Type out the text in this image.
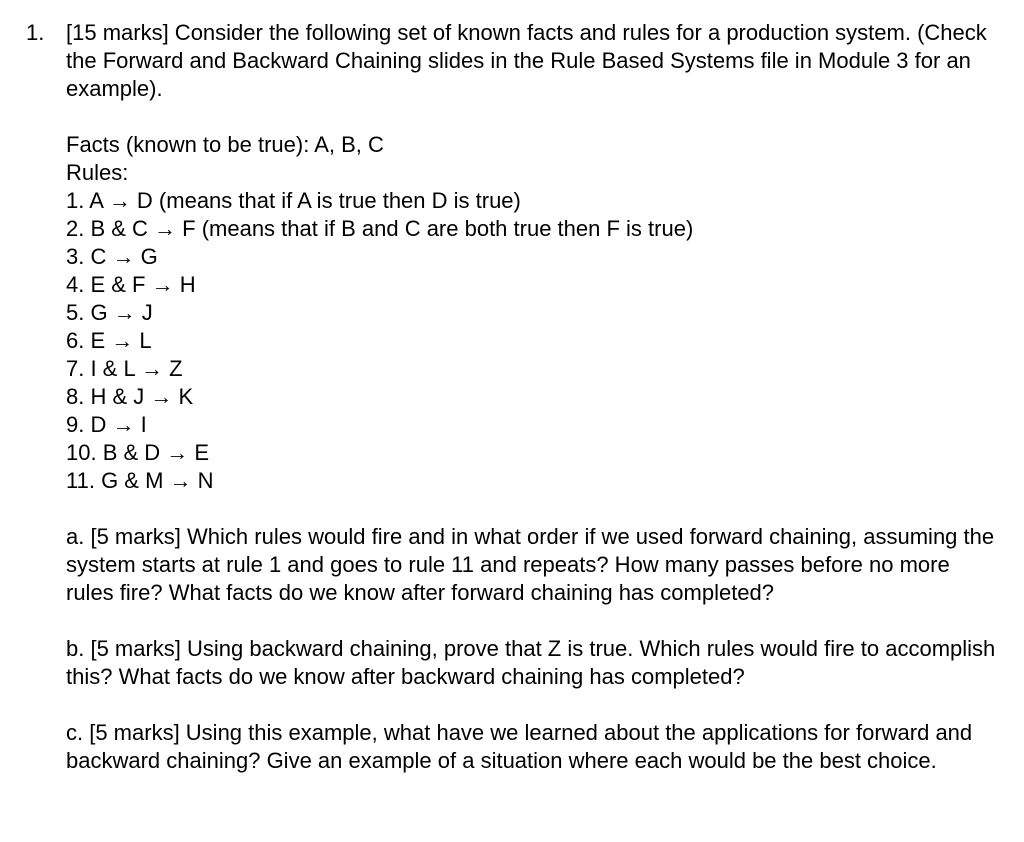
1. [15 marks] Consider the following set of known facts and rules for a production system. (Check the Forward and Backward Chaining slides in the Rule Based Systems file in Module 3 for an example).

Facts (known to be true): A, B, C

Rules:

1. A → D (means that if A is true then D is true)

2. B & C → F (means that if B and C are both true then F is true)

3. C → G

4. E & F → H

5. G → J

6. E → L

7. I & L → Z

8. H & J → K

9. D → I

10. B & D → E

11. G & M → N

a. [5 marks] Which rules would fire and in what order if we used forward chaining, assuming the system starts at rule 1 and goes to rule 11 and repeats? How many passes before no more rules fire? What facts do we know after forward chaining has completed?

b. [5 marks] Using backward chaining, prove that Z is true. Which rules would fire to accomplish this? What facts do we know after backward chaining has completed?

c. [5 marks] Using this example, what have we learned about the applications for forward and backward chaining? Give an example of a situation where each would be the best choice.
